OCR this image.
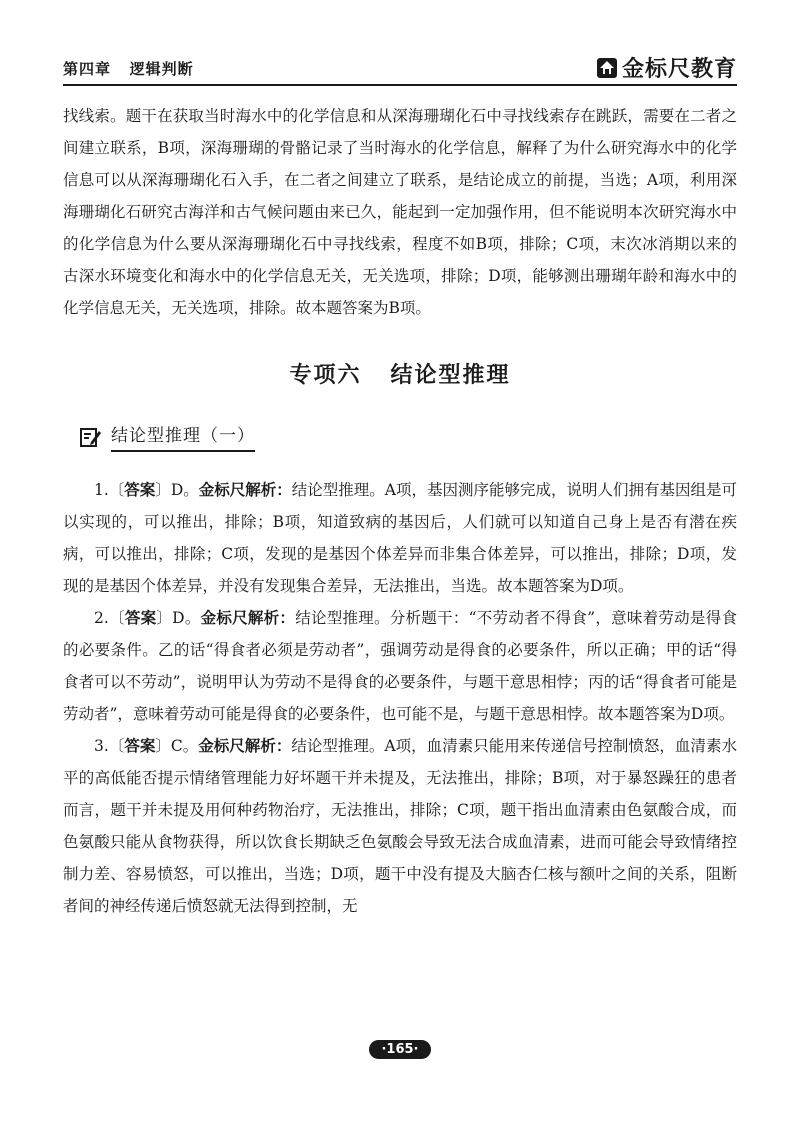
第四章   逻辑判断	金标尺教育

找线索。题干在获取当时海水中的化学信息和从深海珊瑚化石中寻找线索存在跳跃，需要在二者之间建立联系，B项，深海珊瑚的骨骼记录了当时海水的化学信息，解释了为什么研究海水中的化学信息可以从深海珊瑚化石入手，在二者之间建立了联系，是结论成立的前提，当选；A项，利用深海珊瑚化石研究古海洋和古气候问题由来已久，能起到一定加强作用，但不能说明本次研究海水中的化学信息为什么要从深海珊瑚化石中寻找线索，程度不如B项，排除；C项，末次冰消期以来的古深水环境变化和海水中的化学信息无关，无关选项，排除；D项，能够测出珊瑚年龄和海水中的化学信息无关，无关选项，排除。故本题答案为B项。

专项六   结论型推理
结论型推理（一）

1.〔答案〕D。金标尺解析：结论型推理。A项，基因测序能够完成，说明人们拥有基因组是可以实现的，可以推出，排除；B项，知道致病的基因后，人们就可以知道自己身上是否有潜在疾病，可以推出，排除；C项，发现的是基因个体差异而非集合体差异，可以推出，排除；D项，发现的是基因个体差异，并没有发现集合差异，无法推出，当选。故本题答案为D项。

2.〔答案〕D。金标尺解析：结论型推理。分析题干：“不劳动者不得食”，意味着劳动是得食的必要条件。乙的话“得食者必须是劳动者”，强调劳动是得食的必要条件，所以正确；甲的话“得食者可以不劳动”，说明甲认为劳动不是得食的必要条件，与题干意思相悖；丙的话“得食者可能是劳动者”，意味着劳动可能是得食的必要条件，也可能不是，与题干意思相悖。故本题答案为D项。

3.〔答案〕C。金标尺解析：结论型推理。A项，血清素只能用来传递信号控制愤怒，血清素水平的高低能否提示情绪管理能力好坏题干并未提及，无法推出，排除；B项，对于暴怒躁狂的患者而言，题干并未提及用何种药物治疗，无法推出，排除；C项，题干指出血清素由色氨酸合成，而色氨酸只能从食物获得，所以饮食长期缺乏色氨酸会导致无法合成血清素，进而可能会导致情绪控制力差、容易愤怒，可以推出，当选；D项，题干中没有提及大脑杏仁核与额叶之间的关系，阻断者间的神经传递后愤怒就无法得到控制，无

·165·
